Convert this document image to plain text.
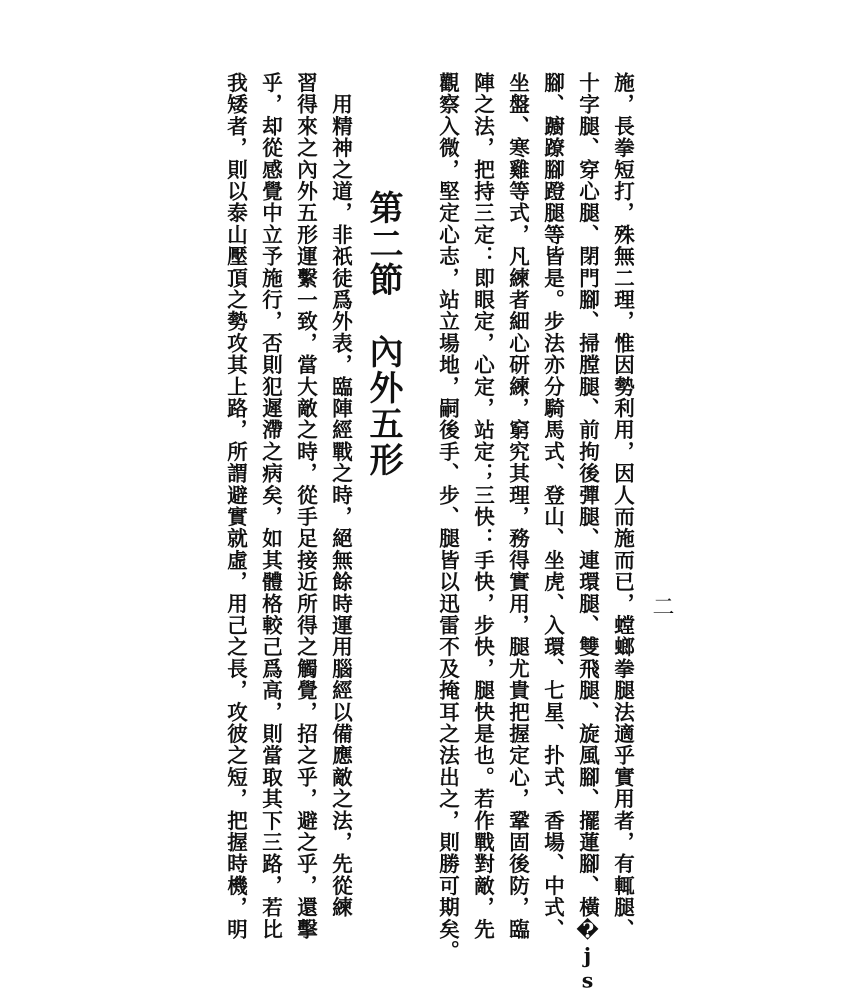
二
施，長拳短打，殊無二理，惟因勢利用，因人而施而已，螳螂拳腿法適乎實用者，有輒腿、
十字腿、穿心腿、閉門腳、掃膛腿、前拘後彈腿、連環腿、雙飛腿、旋風腳、擺蓮腳、橫�js
腳、躕蹽腳蹬腿等皆是。步法亦分騎馬式、登山、坐虎、入環、七星、扑式、香場、中式、
坐盤、寒雞等式，凡練者細心研練，窮究其理，務得實用，腿尤貴把握定心，鞏固後防，臨
陣之法，把持三定：即眼定，心定，站定；三快：手快，步快，腿快是也。若作戰對敵，先
觀察入微，堅定心志，站立場地，嗣後手、步、腿皆以迅雷不及掩耳之法出之，則勝可期矣。
第二節　內外五形
　用精神之道，非祇徒爲外表，臨陣經戰之時，絕無餘時運用腦經以備應敵之法，先從練
習得來之內外五形運繫一致，當大敵之時，從手足接近所得之觸覺，招之乎，避之乎，還擊
乎，却從感覺中立予施行，否則犯遲滯之病矣，如其體格較己爲高，則當取其下三路，若比
我矮者，則以泰山壓頂之勢攻其上路，所謂避實就虛，用己之長，攻彼之短，把握時機，明
